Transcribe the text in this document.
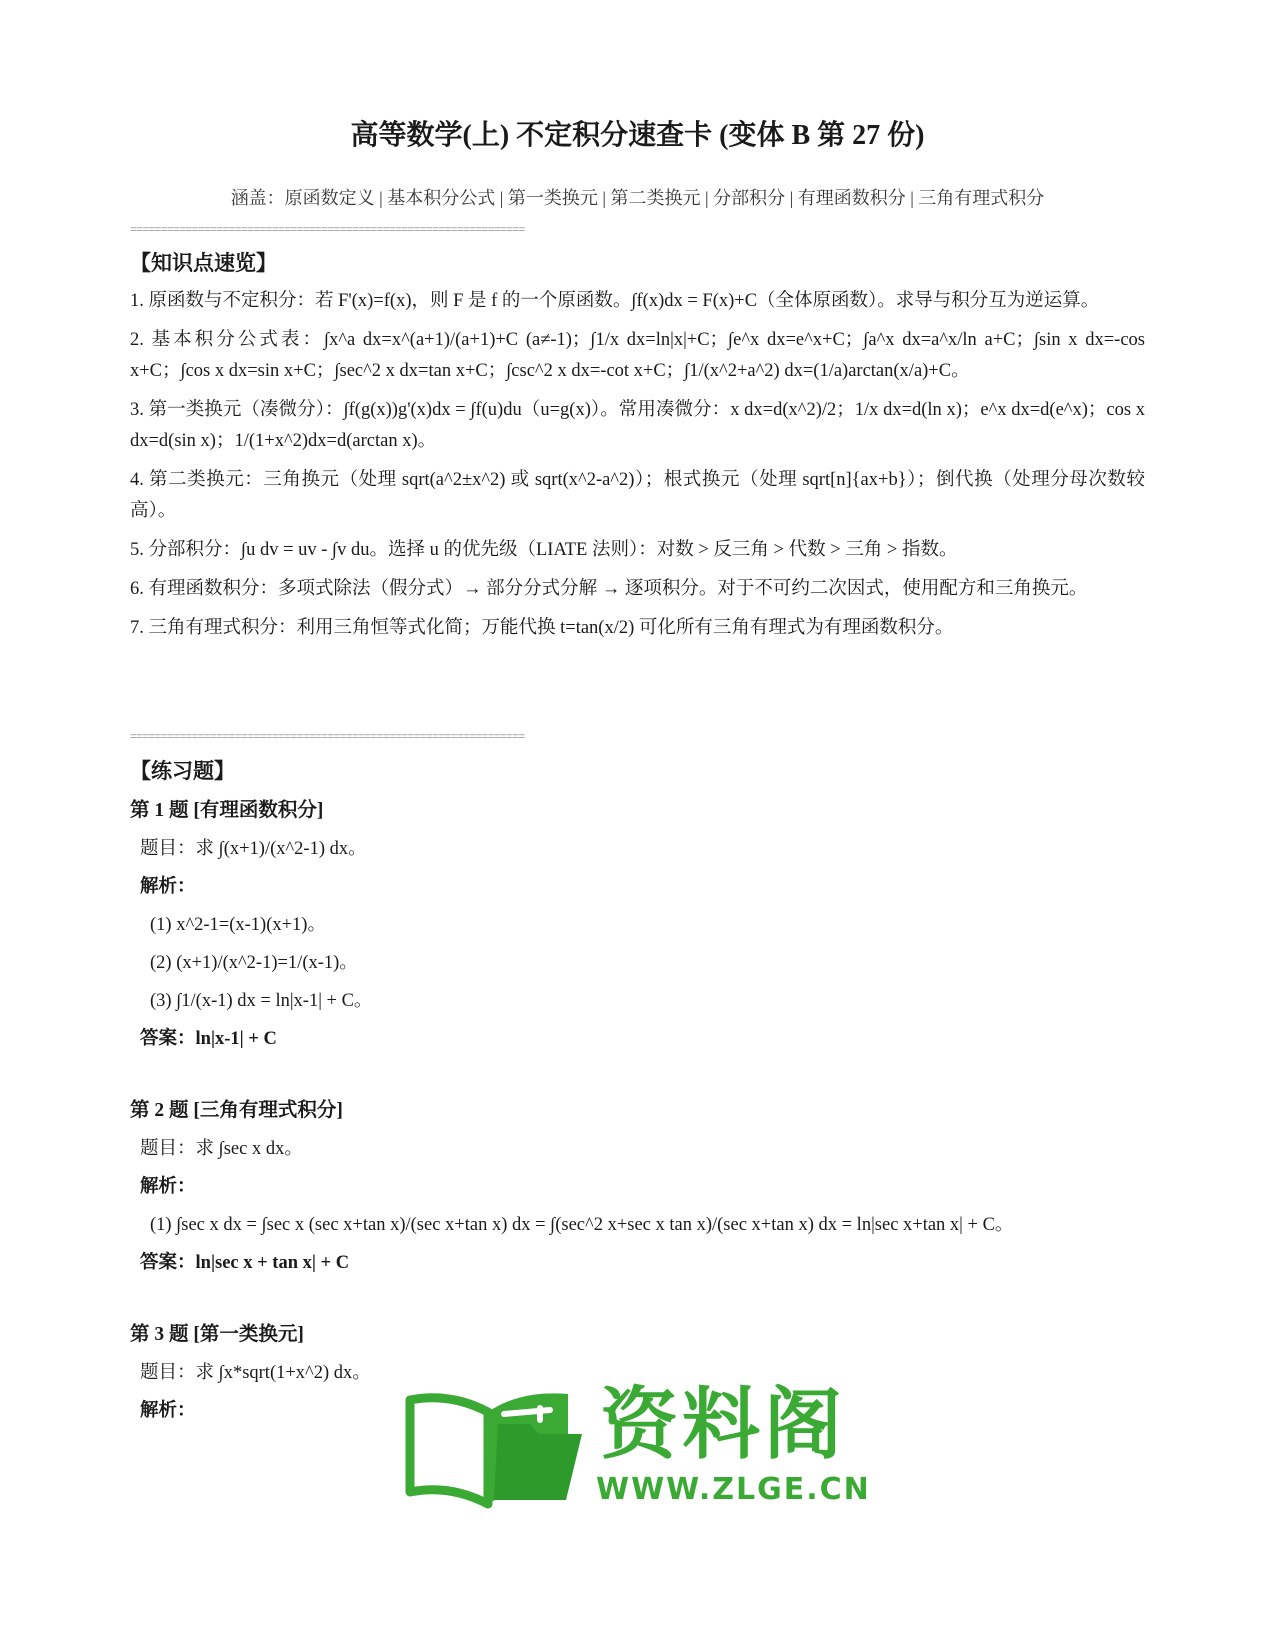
高等数学(上) 不定积分速查卡 (变体 B 第 27 份)

涵盖：原函数定义 | 基本积分公式 | 第一类换元 | 第二类换元 | 分部积分 | 有理函数积分 | 三角有理式积分

================================================================
【知识点速览】
1. 原函数与不定积分：若 F'(x)=f(x)，则 F 是 f 的一个原函数。∫f(x)dx = F(x)+C（全体原函数）。求导与积分互为逆运算。
2. 基本积分公式表：∫x^a dx=x^(a+1)/(a+1)+C (a≠-1)；∫1/x dx=ln|x|+C；∫e^x dx=e^x+C；∫a^x dx=a^x/ln a+C；∫sin x dx=-cos x+C；∫cos x dx=sin x+C；∫sec^2 x dx=tan x+C；∫csc^2 x dx=-cot x+C；∫1/(x^2+a^2) dx=(1/a)arctan(x/a)+C。
3. 第一类换元（凑微分）：∫f(g(x))g'(x)dx = ∫f(u)du（u=g(x)）。常用凑微分：x dx=d(x^2)/2；1/x dx=d(ln x)；e^x dx=d(e^x)；cos x dx=d(sin x)；1/(1+x^2)dx=d(arctan x)。
4. 第二类换元：三角换元（处理 sqrt(a^2±x^2) 或 sqrt(x^2-a^2)）；根式换元（处理 sqrt[n]{ax+b}）；倒代换（处理分母次数较高）。
5. 分部积分：∫u dv = uv - ∫v du。选择 u 的优先级（LIATE 法则）：对数 > 反三角 > 代数 > 三角 > 指数。
6. 有理函数积分：多项式除法（假分式）→ 部分分式分解 → 逐项积分。对于不可约二次因式，使用配方和三角换元。
7. 三角有理式积分：利用三角恒等式化简；万能代换 t=tan(x/2) 可化所有三角有理式为有理函数积分。
================================================================
【练习题】
第 1 题 [有理函数积分]

题目：求 ∫(x+1)/(x^2-1) dx。

解析：

(1) x^2-1=(x-1)(x+1)。

(2) (x+1)/(x^2-1)=1/(x-1)。

(3) ∫1/(x-1) dx = ln|x-1| + C。

答案：ln|x-1| + C

第 2 题 [三角有理式积分]

题目：求 ∫sec x dx。

解析：

(1) ∫sec x dx = ∫sec x (sec x+tan x)/(sec x+tan x) dx = ∫(sec^2 x+sec x tan x)/(sec x+tan x) dx = ln|sec x+tan x| + C。

答案：ln|sec x + tan x| + C

第 3 题 [第一类换元]

题目：求 ∫x*sqrt(1+x^2) dx。

解析：	资料阁
WWW.ZLGE.CN
